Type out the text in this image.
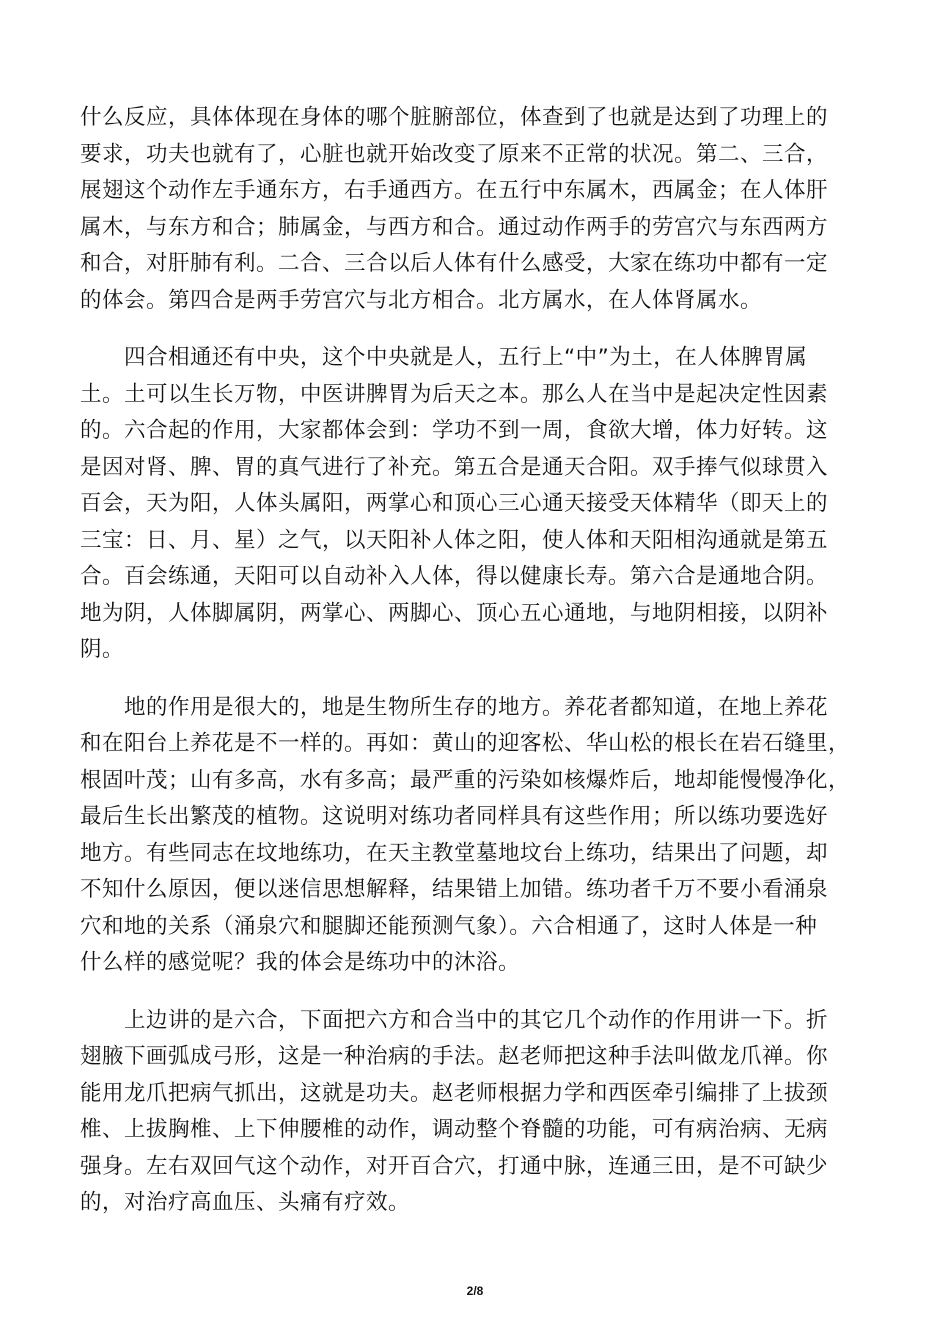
什么反应，具体体现在身体的哪个脏腑部位，体查到了也就是达到了功理上的
要求，功夫也就有了，心脏也就开始改变了原来不正常的状况。第二、三合，
展翅这个动作左手通东方，右手通西方。在五行中东属木，西属金；在人体肝
属木，与东方和合；肺属金，与西方和合。通过动作两手的劳宫穴与东西两方
和合，对肝肺有利。二合、三合以后人体有什么感受，大家在练功中都有一定
的体会。第四合是两手劳宫穴与北方相合。北方属水，在人体肾属水。

四合相通还有中央，这个中央就是人，五行上“中”为土，在人体脾胃属
土。土可以生长万物，中医讲脾胃为后天之本。那么人在当中是起决定性因素
的。六合起的作用，大家都体会到：学功不到一周，食欲大增，体力好转。这
是因对肾、脾、胃的真气进行了补充。第五合是通天合阳。双手捧气似球贯入
百会，天为阳，人体头属阳，两掌心和顶心三心通天接受天体精华（即天上的
三宝：日、月、星）之气，以天阳补人体之阳，使人体和天阳相沟通就是第五
合。百会练通，天阳可以自动补入人体，得以健康长寿。第六合是通地合阴。
地为阴，人体脚属阴，两掌心、两脚心、顶心五心通地，与地阴相接，以阴补
阴。

地的作用是很大的，地是生物所生存的地方。养花者都知道，在地上养花
和在阳台上养花是不一样的。再如：黄山的迎客松、华山松的根长在岩石缝里，
根固叶茂；山有多高，水有多高；最严重的污染如核爆炸后，地却能慢慢净化，
最后生长出繁茂的植物。这说明对练功者同样具有这些作用；所以练功要选好
地方。有些同志在坟地练功，在天主教堂墓地坟台上练功，结果出了问题，却
不知什么原因，便以迷信思想解释，结果错上加错。练功者千万不要小看涌泉
穴和地的关系（涌泉穴和腿脚还能预测气象）。六合相通了，这时人体是一种
什么样的感觉呢？我的体会是练功中的沐浴。

上边讲的是六合，下面把六方和合当中的其它几个动作的作用讲一下。折
翅腋下画弧成弓形，这是一种治病的手法。赵老师把这种手法叫做龙爪禅。你
能用龙爪把病气抓出，这就是功夫。赵老师根据力学和西医牵引编排了上拔颈
椎、上拔胸椎、上下伸腰椎的动作，调动整个脊髓的功能，可有病治病、无病
强身。左右双回气这个动作，对开百合穴，打通中脉，连通三田，是不可缺少
的，对治疗高血压、头痛有疗效。

2/8
